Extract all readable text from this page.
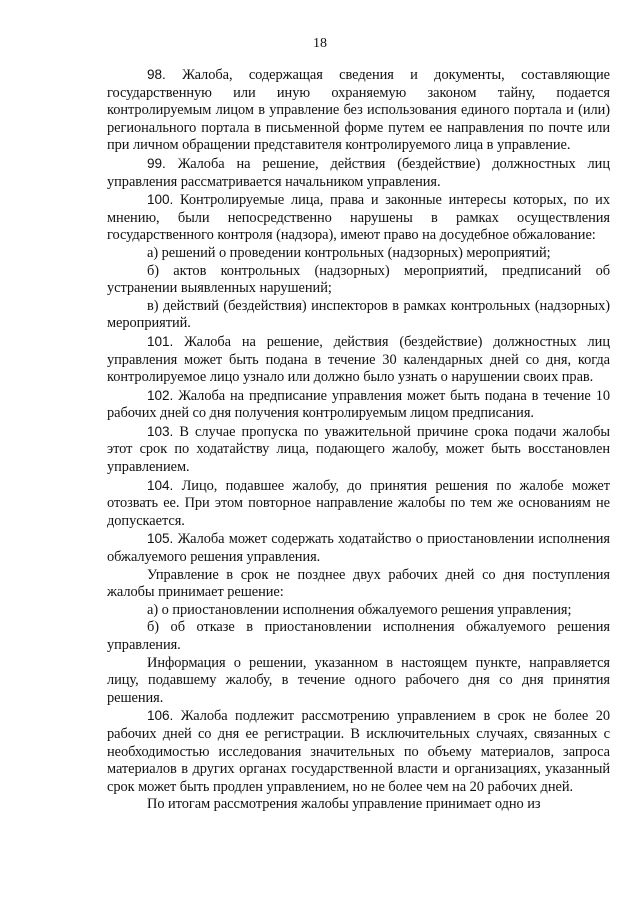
18

98. Жалоба, содержащая сведения и документы, составляющие государственную или иную охраняемую законом тайну, подается контролируемым лицом в управление без использования единого портала и (или) регионального портала в письменной форме путем ее направления по почте или при личном обращении представителя контролируемого лица в управление.

99. Жалоба на решение, действия (бездействие) должностных лиц управления рассматривается начальником управления.

100. Контролируемые лица, права и законные интересы которых, по их мнению, были непосредственно нарушены в рамках осуществления государственного контроля (надзора), имеют право на досудебное обжалование:

а) решений о проведении контрольных (надзорных) мероприятий;

б) актов контрольных (надзорных) мероприятий, предписаний об устранении выявленных нарушений;

в) действий (бездействия) инспекторов в рамках контрольных (надзорных) мероприятий.

101. Жалоба на решение, действия (бездействие) должностных лиц управления может быть подана в течение 30 календарных дней со дня, когда контролируемое лицо узнало или должно было узнать о нарушении своих прав.

102. Жалоба на предписание управления может быть подана в течение 10 рабочих дней со дня получения контролируемым лицом предписания.

103. В случае пропуска по уважительной причине срока подачи жалобы этот срок по ходатайству лица, подающего жалобу, может быть восстановлен управлением.

104. Лицо, подавшее жалобу, до принятия решения по жалобе может отозвать ее. При этом повторное направление жалобы по тем же основаниям не допускается.

105. Жалоба может содержать ходатайство о приостановлении исполнения обжалуемого решения управления.

Управление в срок не позднее двух рабочих дней со дня поступления жалобы принимает решение:

а) о приостановлении исполнения обжалуемого решения управления;

б) об отказе в приостановлении исполнения обжалуемого решения управления.

Информация о решении, указанном в настоящем пункте, направляется лицу, подавшему жалобу, в течение одного рабочего дня со дня принятия решения.

106. Жалоба подлежит рассмотрению управлением в срок не более 20 рабочих дней со дня ее регистрации. В исключительных случаях, связанных с необходимостью исследования значительных по объему материалов, запроса материалов в других органах государственной власти и организациях, указанный срок может быть продлен управлением, но не более чем на 20 рабочих дней.

По итогам рассмотрения жалобы управление принимает одно из
